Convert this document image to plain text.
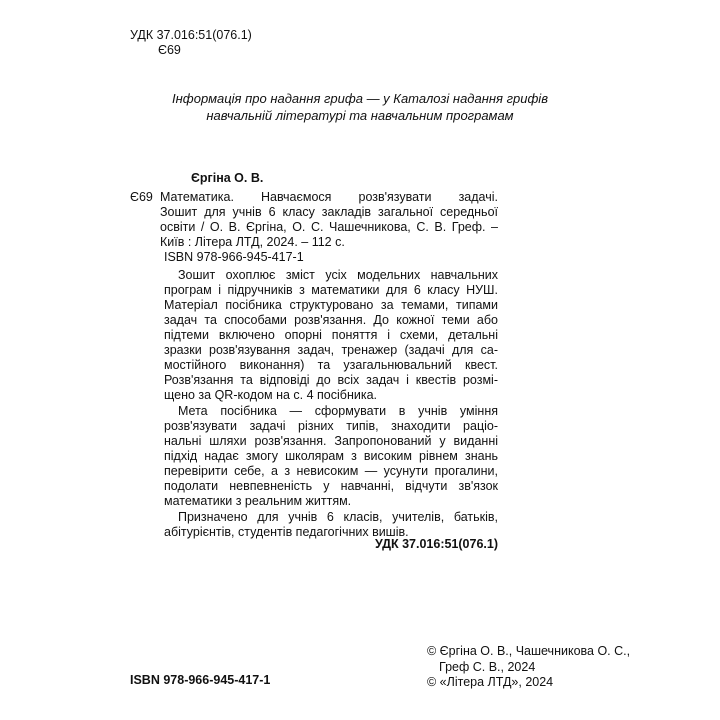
УДК 37.016:51(076.1)
Є69
Інформація про надання грифа — у Каталозі надання грифів
навчальній літературі та навчальним програмам
Єргіна О. В.
Є69 Математика. Навчаємося розв'язувати задачі.
Зошит для учнів 6 класу закладів загальної середньої
освіти / О. В. Єргіна, О. С. Чашечникова, С. В. Греф. –
Київ : Літера ЛТД, 2024. – 112 с.
ISBN 978-966-945-417-1
Зошит охоплює зміст усіх модельних навчальних
програм і підручників з математики для 6 класу НУШ.
Матеріал посібника структуровано за темами, типами
задач та способами розв'язання. До кожної теми або
підтеми включено опорні поняття і схеми, детальні
зразки розв'язування задач, тренажер (задачі для са-
мостійного виконання) та узагальнювальний квест.
Розв'язання та відповіді до всіх задач і квестів розмі-
щено за QR-кодом на с. 4 посібника.
Мета посібника — сформувати в учнів уміння
розв'язувати задачі різних типів, знаходити раціо-
нальні шляхи розв'язання. Запропонований у виданні
підхід надає змогу школярам з високим рівнем знань
перевірити себе, а з невисоким — усунути прогалини,
подолати невпевненість у навчанні, відчути зв'язок
математики з реальним життям.
Призначено для учнів 6 класів, учителів, батьків,
абітурієнтів, студентів педагогічних вишів.
УДК 37.016:51(076.1)
© Єргіна О. В., Чашечникова О. С.,
Греф С. В., 2024
© «Літера ЛТД», 2024
ISBN 978-966-945-417-1
